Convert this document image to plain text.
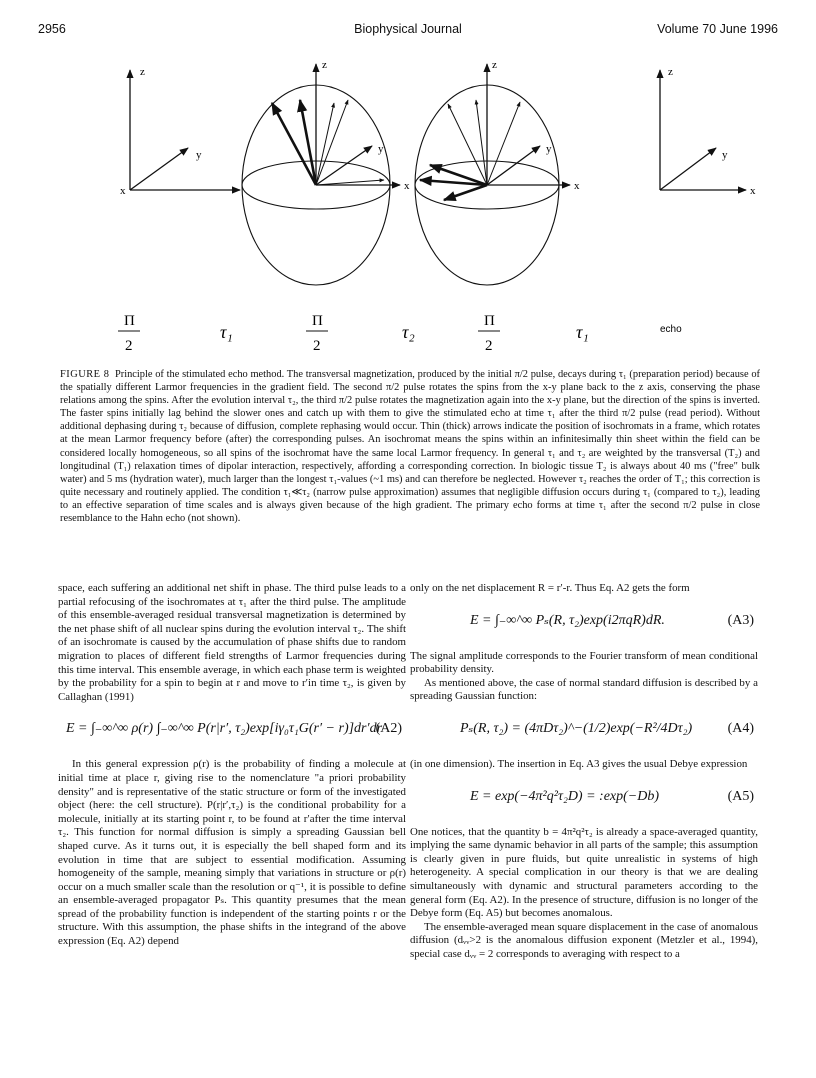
2956	Biophysical Journal	Volume 70 June 1996
z
x
y
z
x
y
z
x
y
z
x
y
Π
2
τ₁
Π
2
τ₂
Π
2
τ₁	echo
FIGURE 8 Principle of the stimulated echo method. The transversal magnetization, produced by the initial π/2 pulse, decays during τ₁ (preparation period) because of the spatially different Larmor frequencies in the gradient field. The second π/2 pulse rotates the spins from the x-y plane back to the z axis, conserving the phase relations among the spins. After the evolution interval τ₂, the third π/2 pulse rotates the magnetization again into the x-y plane, but the direction of the spins is inverted. The faster spins initially lag behind the slower ones and catch up with them to give the stimulated echo at time τ₁ after the third π/2 pulse (read period). Without additional dephasing during τ₂ because of diffusion, complete rephasing would occur. Thin (thick) arrows indicate the position of isochromats in a frame, which rotates at the mean Larmor frequency before (after) the corresponding pulses. An isochromat means the spins within an infinitesimally thin sheet within the field can be considered locally homogeneous, so all spins of the isochromat have the same local Larmor frequency. In general τ₁ and τ₂ are weighted by the transversal (T₂) and longitudinal (T₁) relaxation times of dipolar interaction, respectively, affording a corresponding correction. In biologic tissue T₂ is always about 40 ms ("free" bulk water) and 5 ms (hydration water), much larger than the longest τ₁-values (~1 ms) and can therefore be neglected. However τ₂ reaches the order of T₁; this correction is quite necessary and routinely applied. The condition τ₁≪τ₂ (narrow pulse approximation) assumes that negligible diffusion occurs during τ₁ (compared to τ₂), leading to an effective separation of time scales and is always given because of the high gradient. The primary echo forms at time τ₁ after the second π/2 pulse in close resemblance to the Hahn echo (not shown).

space, each suffering an additional net shift in phase. The third pulse leads to a partial refocusing of the isochromates at τ₁ after the third pulse. The amplitude of this ensemble-averaged residual transversal magnetization is determined by the net phase shift of all nuclear spins during the evolution interval τ₂. The shift of an isochromate is caused by the accumulation of phase shifts due to random migration to places of different field strengths of Larmor frequencies during this time interval. This ensemble average, in which each phase term is weighted by the probability for a spin to begin at r and move to r′in time τ₂, is given by Callaghan (1991)

E = ∫₋∞^∞ ρ(r) ∫₋∞^∞ P(r|r′, τ₂)exp[iγ₀τ₁G(r′ − r)]dr′dr
(A2)

In this general expression ρ(r) is the probability of finding a molecule at initial time at place r, giving rise to the nomenclature "a priori probability density" and is representative of the static structure or form of the investigated object (here: the cell structure). P(r|r′,τ₂) is the conditional probability for a molecule, initially at its starting point r, to be found at r′after the time interval τ₂. This function for normal diffusion is simply a spreading Gaussian bell shaped curve. As it turns out, it is especially the bell shaped form and its evolution in time that are subject to essential modification. Assuming homogeneity of the sample, meaning simply that variations in structure or ρ(r) occur on a much smaller scale than the resolution or q⁻¹, it is possible to define an ensemble-averaged propagator Pₛ. This quantity presumes that the mean spread of the probability function is independent of the starting points r or the structure. With this assumption, the phase shifts in the integrand of the above expression (Eq. A2) depend

only on the net displacement R = r′-r. Thus Eq. A2 gets the form

E = ∫₋∞^∞ Pₛ(R, τ₂)exp(i2πqR)dR.	(A3)

The signal amplitude corresponds to the Fourier transform of mean conditional probability density.

As mentioned above, the case of normal standard diffusion is described by a spreading Gaussian function:

Pₛ(R, τ₂) = (4πDτ₂)^−(1/2)exp(−R²/4Dτ₂)	(A4)

(in one dimension). The insertion in Eq. A3 gives the usual Debye expression

E = exp(−4π²q²τ₂D) = :exp(−Db)	(A5)

One notices, that the quantity b = 4π²q²τ₂ is already a space-averaged quantity, implying the same dynamic behavior in all parts of the sample; this assumption is clearly given in pure fluids, but quite unrealistic in systems of high heterogeneity. A special complication in our theory is that we are dealing simultaneously with dynamic and structural parameters according to the general form (Eq. A2). In the presence of structure, diffusion is no longer of the Debye form (Eq. A5) but becomes anomalous.

The ensemble-averaged mean square displacement in the case of anomalous diffusion (dᵥᵥ>2 is the anomalous diffusion exponent (Metzler et al., 1994), special case dᵥᵥ = 2 corresponds to averaging with respect to a
